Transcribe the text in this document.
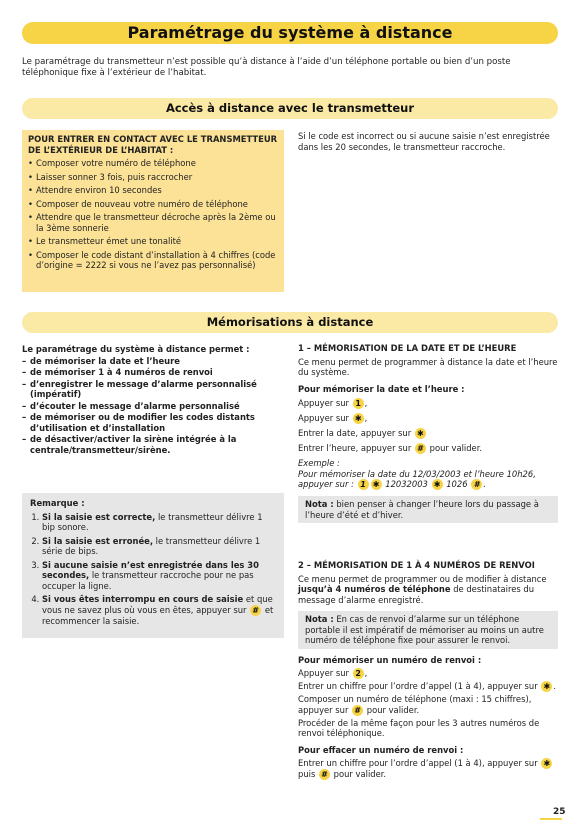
Paramétrage du système à distance
Le paramétrage du transmetteur n’est possible qu’à distance à l’aide d’un téléphone portable ou bien d’un poste téléphonique fixe à l’extérieur de l’habitat.
Accès à distance avec le transmetteur
POUR ENTRER EN CONTACT AVEC LE TRANSMETTEUR DE L’EXTÉRIEUR DE L’HABITAT :
• Composer votre numéro de téléphone
• Laisser sonner 3 fois, puis raccrocher
• Attendre environ 10 secondes
• Composer de nouveau votre numéro de téléphone
• Attendre que le transmetteur décroche après la 2ème ou la 3ème sonnerie
• Le transmetteur émet une tonalité
• Composer le code distant d’installation à 4 chiffres (code d’origine = 2222 si vous ne l’avez pas personnalisé)
Si le code est incorrect ou si aucune saisie n’est enregistrée dans les 20 secondes, le transmetteur raccroche.
Mémorisations à distance

Le paramétrage du système à distance permet :

– de mémoriser la date et l’heure
– de mémoriser 1 à 4 numéros de renvoi
– d’enregistrer le message d’alarme personnalisé (impératif)
– d’écouter le message d’alarme personnalisé
– de mémoriser ou de modifier les codes distants d’utilisation et d’installation
– de désactiver/activer la sirène intégrée à la centrale/transmetteur/sirène.
Remarque :
1. Si la saisie est correcte, le transmetteur délivre 1 bip sonore.
2. Si la saisie est erronée, le transmetteur délivre 1 série de bips.
3. Si aucune saisie n’est enregistrée dans les 30 secondes, le transmetteur raccroche pour ne pas occuper la ligne.
4. Si vous êtes interrompu en cours de saisie et que vous ne savez plus où vous en êtes, appuyer sur # et recommencer la saisie.

1 – MÉMORISATION DE LA DATE ET DE L’HEURE

Ce menu permet de programmer à distance la date et l’heure du système.

Pour mémoriser la date et l’heure :

Appuyer sur 1 ,

Appuyer sur ✱ ,

Entrer la date, appuyer sur ✱

Entrer l’heure, appuyer sur # pour valider.

Exemple :

Pour mémoriser la date du 12/03/2003 et l’heure 10h26, appuyer sur : 1 ✱ 12032003 ✱ 1026 # .

Nota : bien penser à changer l’heure lors du passage à l’heure d’été et d’hiver.

2 – MÉMORISATION DE 1 À 4 NUMÉROS DE RENVOI

Ce menu permet de programmer ou de modifier à distance jusqu’à 4 numéros de téléphone de destinataires du message d’alarme enregistré.

Nota : En cas de renvoi d’alarme sur un téléphone portable il est impératif de mémoriser au moins un autre numéro de téléphone fixe pour assurer le renvoi.

Pour mémoriser un numéro de renvoi :

Appuyer sur 2 ,

Entrer un chiffre pour l’ordre d’appel (1 à 4), appuyer sur ✱ .

Composer un numéro de téléphone (maxi : 15 chiffres), appuyer sur # pour valider.

Procéder de la même façon pour les 3 autres numéros de renvoi téléphonique.

Pour effacer un numéro de renvoi :

Entrer un chiffre pour l’ordre d’appel (1 à 4), appuyer sur ✱ puis # pour valider.

25
